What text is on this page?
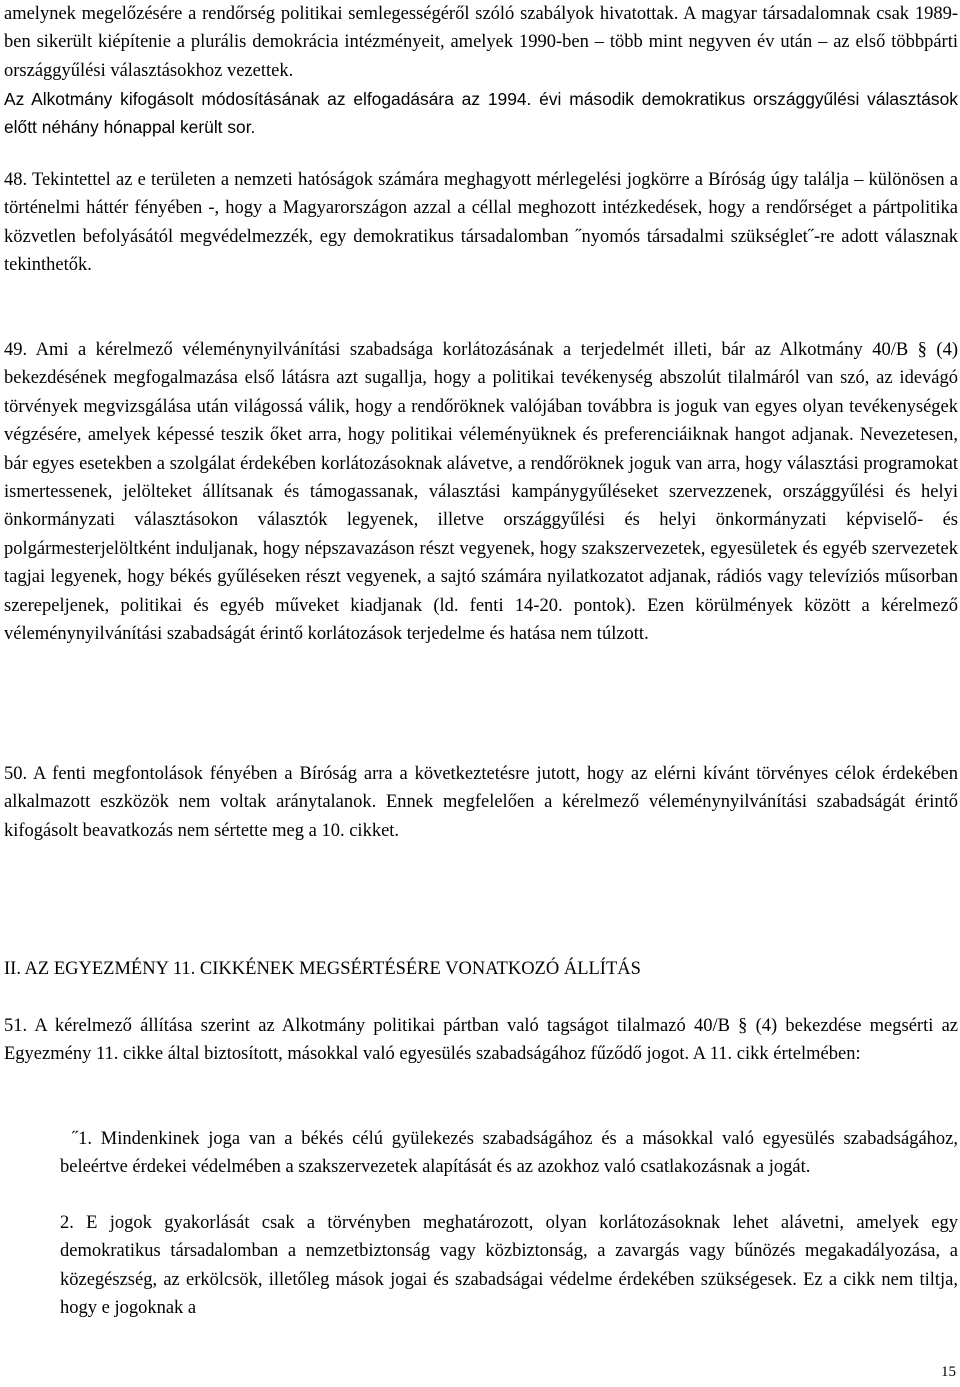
amelynek megelőzésére a rendőrség politikai semlegességéről szóló szabályok hivatottak. A magyar társadalomnak csak 1989-ben sikerült kiépítenie a plurális demokrácia intézményeit, amelyek 1990-ben – több mint negyven év után – az első többpárti országgyűlési választásokhoz vezettek.

Az Alkotmány kifogásolt módosításának az elfogadására az 1994. évi második demokratikus országgyűlési választások előtt néhány hónappal került sor.

48. Tekintettel az e területen a nemzeti hatóságok számára meghagyott mérlegelési jogkörre a Bíróság úgy találja – különösen a történelmi háttér fényében -, hogy a Magyarországon azzal a céllal meghozott intézkedések, hogy a rendőrséget a pártpolitika közvetlen befolyásától megvédelmezzék, egy demokratikus társadalomban ˝nyomós társadalmi szükséglet˝-re adott válasznak tekinthetők.

49. Ami a kérelmező véleménynyilvánítási szabadsága korlátozásának a terjedelmét illeti, bár az Alkotmány 40/B § (4) bekezdésének megfogalmazása első látásra azt sugallja, hogy a politikai tevékenység abszolút tilalmáról van szó, az idevágó törvények megvizsgálása után világossá válik, hogy a rendőröknek valójában továbbra is joguk van egyes olyan tevékenységek végzésére, amelyek képessé teszik őket arra, hogy politikai véleményüknek és preferenciáiknak hangot adjanak. Nevezetesen, bár egyes esetekben a szolgálat érdekében korlátozásoknak alávetve, a rendőröknek joguk van arra, hogy választási programokat ismertessenek, jelölteket állítsanak és támogassanak, választási kampánygyűléseket szervezzenek, országgyűlési és helyi önkormányzati választásokon választók legyenek, illetve országgyűlési és helyi önkormányzati képviselő- és polgármesterjelöltként induljanak, hogy népszavazáson részt vegyenek, hogy szakszervezetek, egyesületek és egyéb szervezetek tagjai legyenek, hogy békés gyűléseken részt vegyenek, a sajtó számára nyilatkozatot adjanak, rádiós vagy televíziós műsorban szerepeljenek, politikai és egyéb műveket kiadjanak (ld. fenti 14-20. pontok). Ezen körülmények között a kérelmező véleménynyilvánítási szabadságát érintő korlátozások terjedelme és hatása nem túlzott.

50. A fenti megfontolások fényében a Bíróság arra a következtetésre jutott, hogy az elérni kívánt törvényes célok érdekében alkalmazott eszközök nem voltak aránytalanok. Ennek megfelelően a kérelmező véleménynyilvánítási szabadságát érintő kifogásolt beavatkozás nem sértette meg a 10. cikket.

II. AZ EGYEZMÉNY 11. CIKKÉNEK MEGSÉRTÉSÉRE VONATKOZÓ ÁLLÍTÁS

51. A kérelmező állítása szerint az Alkotmány politikai pártban való tagságot tilalmazó 40/B § (4) bekezdése megsérti az Egyezmény 11. cikke által biztosított, másokkal való egyesülés szabadságához fűződő jogot. A 11. cikk értelmében:

˝1. Mindenkinek joga van a békés célú gyülekezés szabadságához és a másokkal való egyesülés szabadságához, beleértve érdekei védelmében a szakszervezetek alapítását és az azokhoz való csatlakozásnak a jogát.

2. E jogok gyakorlását csak a törvényben meghatározott, olyan korlátozásoknak lehet alávetni, amelyek egy demokratikus társadalomban a nemzetbiztonság vagy közbiztonság, a zavargás vagy bűnözés megakadályozása, a közegészség, az erkölcsök, illetőleg mások jogai és szabadságai védelme érdekében szükségesek. Ez a cikk nem tiltja, hogy e jogoknak a

15
